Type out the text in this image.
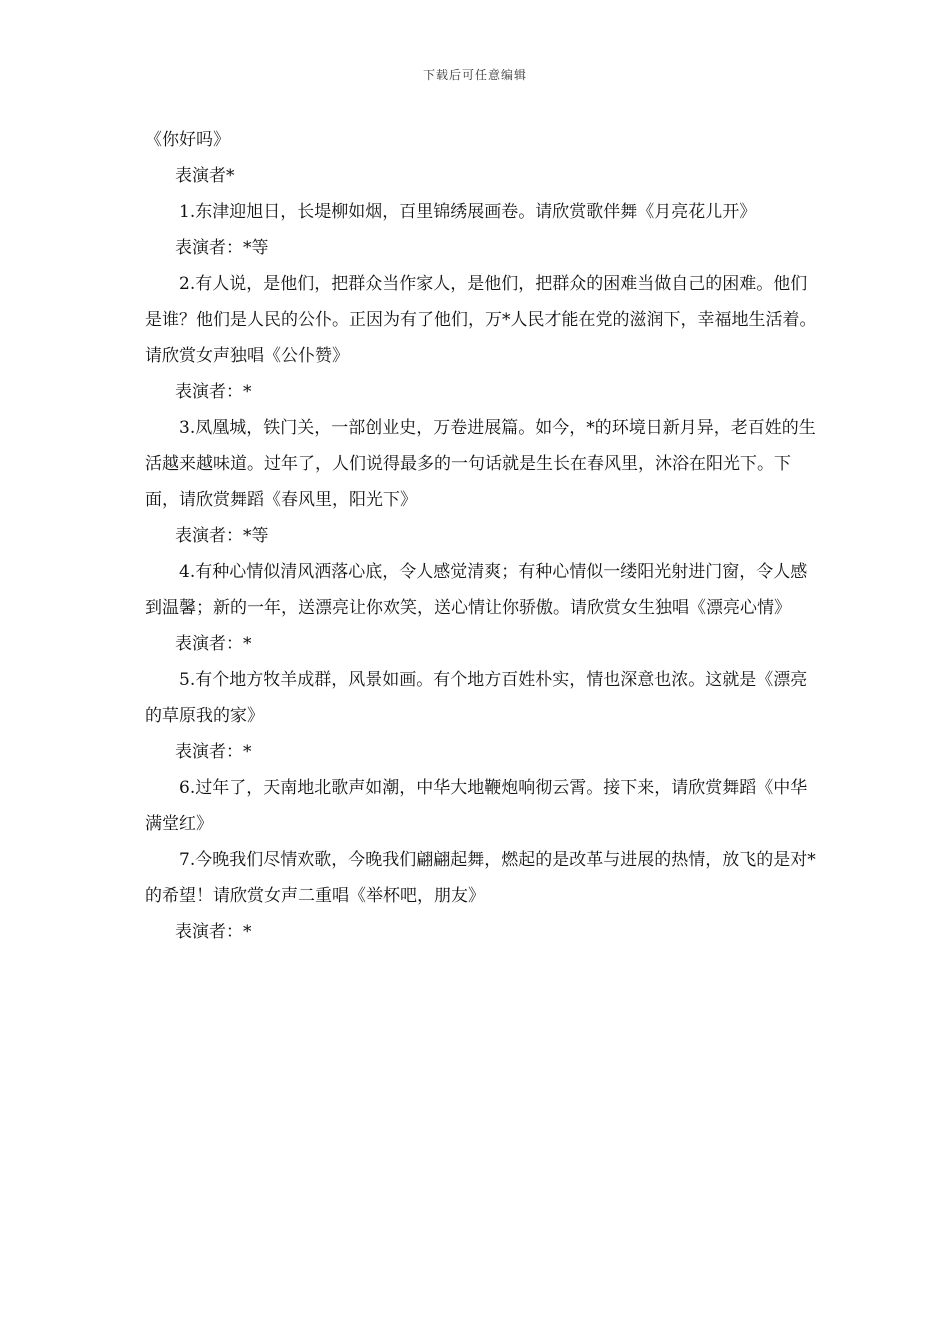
下载后可任意编辑

《你好吗》

表演者*

1.东津迎旭日，长堤柳如烟，百里锦绣展画卷。请欣赏歌伴舞《月亮花儿开》

表演者：*等

2.有人说，是他们，把群众当作家人，是他们，把群众的困难当做自己的困难。他们是谁？他们是人民的公仆。正因为有了他们，万*人民才能在党的滋润下，幸福地生活着。请欣赏女声独唱《公仆赞》

表演者：*

3.凤凰城，铁门关，一部创业史，万卷进展篇。如今，*的环境日新月异，老百姓的生活越来越味道。过年了，人们说得最多的一句话就是生长在春风里，沐浴在阳光下。下面，请欣赏舞蹈《春风里，阳光下》

表演者：*等

4.有种心情似清风洒落心底，令人感觉清爽；有种心情似一缕阳光射进门窗，令人感到温馨；新的一年，送漂亮让你欢笑，送心情让你骄傲。请欣赏女生独唱《漂亮心情》

表演者：*

5.有个地方牧羊成群，风景如画。有个地方百姓朴实，情也深意也浓。这就是《漂亮的草原我的家》

表演者：*

6.过年了，天南地北歌声如潮，中华大地鞭炮响彻云霄。接下来，请欣赏舞蹈《中华满堂红》

7.今晚我们尽情欢歌，今晚我们翩翩起舞，燃起的是改革与进展的热情，放飞的是对*的希望！请欣赏女声二重唱《举杯吧，朋友》

表演者：*
